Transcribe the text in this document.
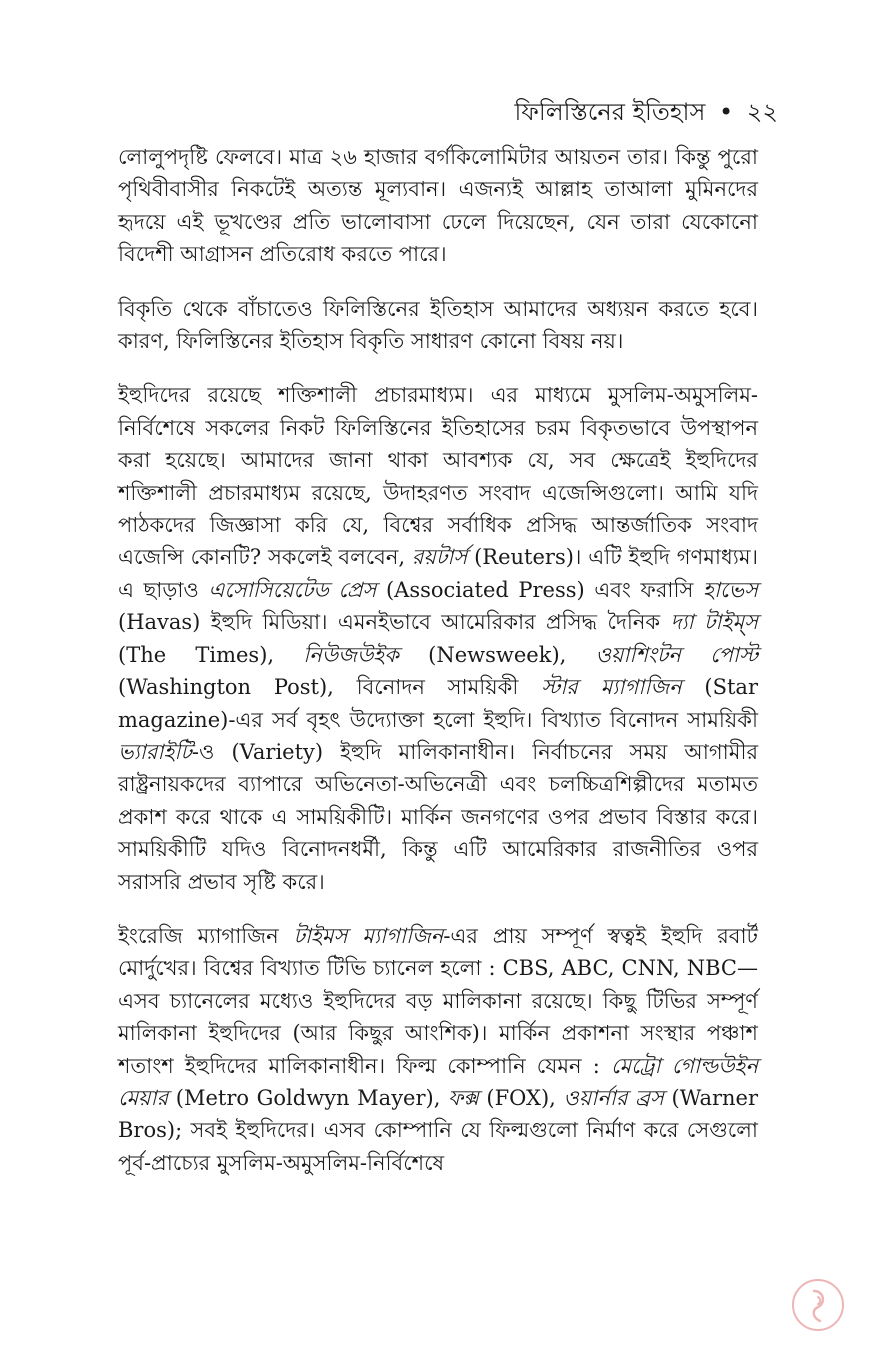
ফিলিস্তিনের ইতিহাস • ২২

লোলুপদৃষ্টি ফেলবে। মাত্র ২৬ হাজার বর্গকিলোমিটার আয়তন তার। কিন্তু পুরো পৃথিবীবাসীর নিকটেই অত্যন্ত মূল্যবান। এজন্যই আল্লাহ তাআলা মুমিনদের হৃদয়ে এই ভূখণ্ডের প্রতি ভালোবাসা ঢেলে দিয়েছেন, যেন তারা যেকোনো বিদেশী আগ্রাসন প্রতিরোধ করতে পারে।

বিকৃতি থেকে বাঁচাতেও ফিলিস্তিনের ইতিহাস আমাদের অধ্যয়ন করতে হবে। কারণ, ফিলিস্তিনের ইতিহাস বিকৃতি সাধারণ কোনো বিষয় নয়।

ইহুদিদের রয়েছে শক্তিশালী প্রচারমাধ্যম। এর মাধ্যমে মুসলিম-অমুসলিম-নির্বিশেষে সকলের নিকট ফিলিস্তিনের ইতিহাসের চরম বিকৃতভাবে উপস্থাপন করা হয়েছে। আমাদের জানা থাকা আবশ্যক যে, সব ক্ষেত্রেই ইহুদিদের শক্তিশালী প্রচারমাধ্যম রয়েছে, উদাহরণত সংবাদ এজেন্সিগুলো। আমি যদি পাঠকদের জিজ্ঞাসা করি যে, বিশ্বের সর্বাধিক প্রসিদ্ধ আন্তর্জাতিক সংবাদ এজেন্সি কোনটি? সকলেই বলবেন, রয়টার্স (Reuters)। এটি ইহুদি গণমাধ্যম। এ ছাড়াও এসোসিয়েটেড প্রেস (Associated Press) এবং ফরাসি হাভেস (Havas) ইহুদি মিডিয়া। এমনইভাবে আমেরিকার প্রসিদ্ধ দৈনিক দ্যা টাইম্‌স (The Times), নিউজউইক (Newsweek), ওয়াশিংটন পোস্ট (Washington Post), বিনোদন সাময়িকী স্টার ম্যাগাজিন (Star magazine)-এর সর্ব বৃহৎ উদ্যোক্তা হলো ইহুদি। বিখ্যাত বিনোদন সাময়িকী ভ্যারাইটি-ও (Variety) ইহুদি মালিকানাধীন। নির্বাচনের সময় আগামীর রাষ্ট্রনায়কদের ব্যাপারে অভিনেতা-অভিনেত্রী এবং চলচ্চিত্রশিল্পীদের মতামত প্রকাশ করে থাকে এ সাময়িকীটি। মার্কিন জনগণের ওপর প্রভাব বিস্তার করে। সাময়িকীটি যদিও বিনোদনধর্মী, কিন্তু এটি আমেরিকার রাজনীতির ওপর সরাসরি প্রভাব সৃষ্টি করে।

ইংরেজি ম্যাগাজিন টাইমস ম্যাগাজিন-এর প্রায় সম্পূর্ণ স্বত্বই ইহুদি রবার্ট মোর্দুখের। বিশ্বের বিখ্যাত টিভি চ্যানেল হলো : CBS, ABC, CNN, NBC—এসব চ্যানেলের মধ্যেও ইহুদিদের বড় মালিকানা রয়েছে। কিছু টিভির সম্পূর্ণ মালিকানা ইহুদিদের (আর কিছুর আংশিক)। মার্কিন প্রকাশনা সংস্থার পঞ্চাশ শতাংশ ইহুদিদের মালিকানাধীন। ফিল্ম কোম্পানি যেমন : মেট্রো গোল্ডউইন মেয়ার (Metro Goldwyn Mayer), ফক্স (FOX), ওয়ার্নার ব্রস (Warner Bros); সবই ইহুদিদের। এসব কোম্পানি যে ফিল্মগুলো নির্মাণ করে সেগুলো পূর্ব-প্রাচ্যের মুসলিম-অমুসলিম-নির্বিশেষে
